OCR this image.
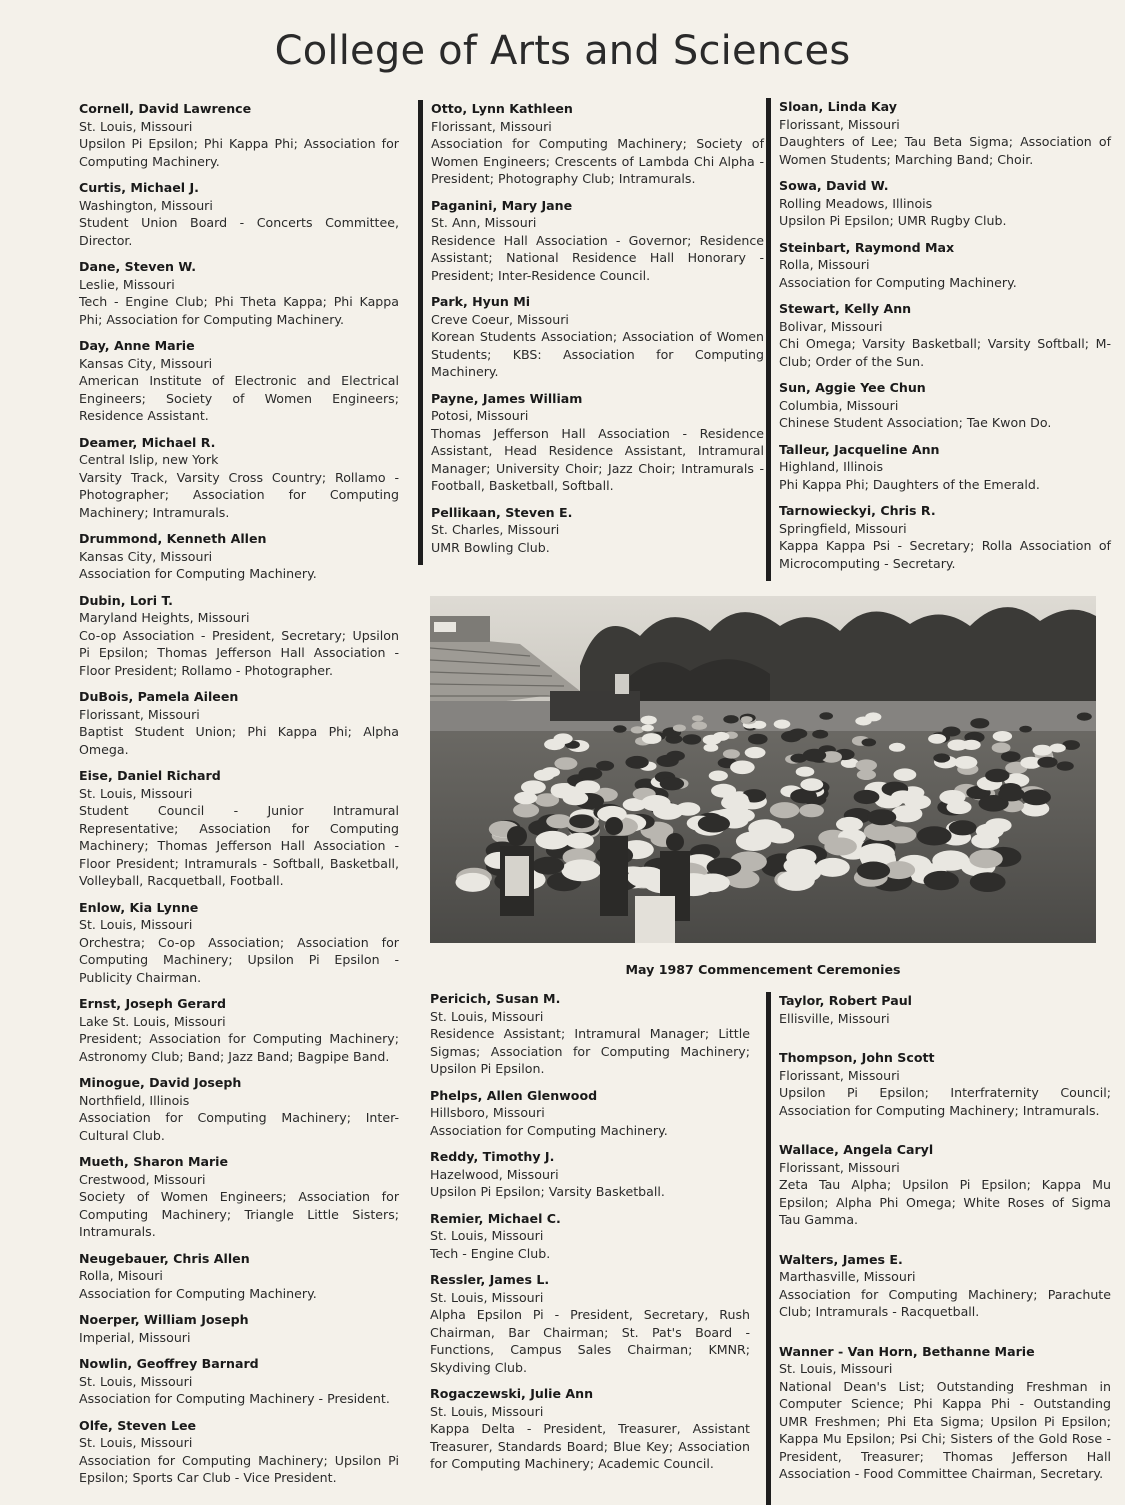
College of Arts and Sciences
Cornell, David Lawrence
St. Louis, Missouri
Upsilon Pi Epsilon; Phi Kappa Phi; Association for Computing Machinery.
Curtis, Michael J.
Washington, Missouri
Student Union Board - Concerts Committee, Director.
Dane, Steven W.
Leslie, Missouri
Tech - Engine Club; Phi Theta Kappa; Phi Kappa Phi; Association for Computing Machinery.
Day, Anne Marie
Kansas City, Missouri
American Institute of Electronic and Electrical Engineers; Society of Women Engineers; Residence Assistant.
Deamer, Michael R.
Central Islip, new York
Varsity Track, Varsity Cross Country; Rollamo - Photographer; Association for Computing Machinery; Intramurals.
Drummond, Kenneth Allen
Kansas City, Missouri
Association for Computing Machinery.
Dubin, Lori T.
Maryland Heights, Missouri
Co-op Association - President, Secretary; Upsilon Pi Epsilon; Thomas Jefferson Hall Association - Floor President; Rollamo - Photographer.
DuBois, Pamela Aileen
Florissant, Missouri
Baptist Student Union; Phi Kappa Phi; Alpha Omega.
Eise, Daniel Richard
St. Louis, Missouri
Student Council - Junior Intramural Representative; Association for Computing Machinery; Thomas Jefferson Hall Association - Floor President; Intramurals - Softball, Basketball, Volleyball, Racquetball, Football.
Enlow, Kia Lynne
St. Louis, Missouri
Orchestra; Co-op Association; Association for Computing Machinery; Upsilon Pi Epsilon - Publicity Chairman.
Ernst, Joseph Gerard
Lake St. Louis, Missouri
President; Association for Computing Machinery; Astronomy Club; Band; Jazz Band; Bagpipe Band.
Minogue, David Joseph
Northfield, Illinois
Association for Computing Machinery; Inter-Cultural Club.
Mueth, Sharon Marie
Crestwood, Missouri
Society of Women Engineers; Association for Computing Machinery; Triangle Little Sisters; Intramurals.
Neugebauer, Chris Allen
Rolla, Misouri
Association for Computing Machinery.
Noerper, William Joseph
Imperial, Missouri
Nowlin, Geoffrey Barnard
St. Louis, Missouri
Association for Computing Machinery - President.
Olfe, Steven Lee
St. Louis, Missouri
Association for Computing Machinery; Upsilon Pi Epsilon; Sports Car Club - Vice President.
Otto, Lynn Kathleen
Florissant, Missouri
Association for Computing Machinery; Society of Women Engineers; Crescents of Lambda Chi Alpha - President; Photography Club; Intramurals.
Paganini, Mary Jane
St. Ann, Missouri
Residence Hall Association - Governor; Residence Assistant; National Residence Hall Honorary - President; Inter-Residence Council.
Park, Hyun Mi
Creve Coeur, Missouri
Korean Students Association; Association of Women Students; KBS: Association for Computing Machinery.
Payne, James William
Potosi, Missouri
Thomas Jefferson Hall Association - Residence Assistant, Head Residence Assistant, Intramural Manager; University Choir; Jazz Choir; Intramurals - Football, Basketball, Softball.
Pellikaan, Steven E.
St. Charles, Missouri
UMR Bowling Club.
Sloan, Linda Kay
Florissant, Missouri
Daughters of Lee; Tau Beta Sigma; Association of Women Students; Marching Band; Choir.
Sowa, David W.
Rolling Meadows, Illinois
Upsilon Pi Epsilon; UMR Rugby Club.
Steinbart, Raymond Max
Rolla, Missouri
Association for Computing Machinery.
Stewart, Kelly Ann
Bolivar, Missouri
Chi Omega; Varsity Basketball; Varsity Softball; M-Club; Order of the Sun.
Sun, Aggie Yee Chun
Columbia, Missouri
Chinese Student Association; Tae Kwon Do.
Talleur, Jacqueline Ann
Highland, Illinois
Phi Kappa Phi; Daughters of the Emerald.
Tarnowieckyi, Chris R.
Springfield, Missouri
Kappa Kappa Psi - Secretary; Rolla Association of Microcomputing - Secretary.
May 1987 Commencement Ceremonies
Pericich, Susan M.
St. Louis, Missouri
Residence Assistant; Intramural Manager; Little Sigmas; Association for Computing Machinery; Upsilon Pi Epsilon.
Phelps, Allen Glenwood
Hillsboro, Missouri
Association for Computing Machinery.
Reddy, Timothy J.
Hazelwood, Missouri
Upsilon Pi Epsilon; Varsity Basketball.
Remier, Michael C.
St. Louis, Missouri
Tech - Engine Club.
Ressler, James L.
St. Louis, Missouri
Alpha Epsilon Pi - President, Secretary, Rush Chairman, Bar Chairman; St. Pat's Board - Functions, Campus Sales Chairman; KMNR; Skydiving Club.
Rogaczewski, Julie Ann
St. Louis, Missouri
Kappa Delta - President, Treasurer, Assistant Treasurer, Standards Board; Blue Key; Association for Computing Machinery; Academic Council.
Taylor, Robert Paul
Ellisville, Missouri
Thompson, John Scott
Florissant, Missouri
Upsilon Pi Epsilon; Interfraternity Council; Association for Computing Machinery; Intramurals.
Wallace, Angela Caryl
Florissant, Missouri
Zeta Tau Alpha; Upsilon Pi Epsilon; Kappa Mu Epsilon; Alpha Phi Omega; White Roses of Sigma Tau Gamma.
Walters, James E.
Marthasville, Missouri
Association for Computing Machinery; Parachute Club; Intramurals - Racquetball.
Wanner - Van Horn, Bethanne Marie
St. Louis, Missouri
National Dean's List; Outstanding Freshman in Computer Science; Phi Kappa Phi - Outstanding UMR Freshmen; Phi Eta Sigma; Upsilon Pi Epsilon; Kappa Mu Epsilon; Psi Chi; Sisters of the Gold Rose - President, Treasurer; Thomas Jefferson Hall Association - Food Committee Chairman, Secretary.
